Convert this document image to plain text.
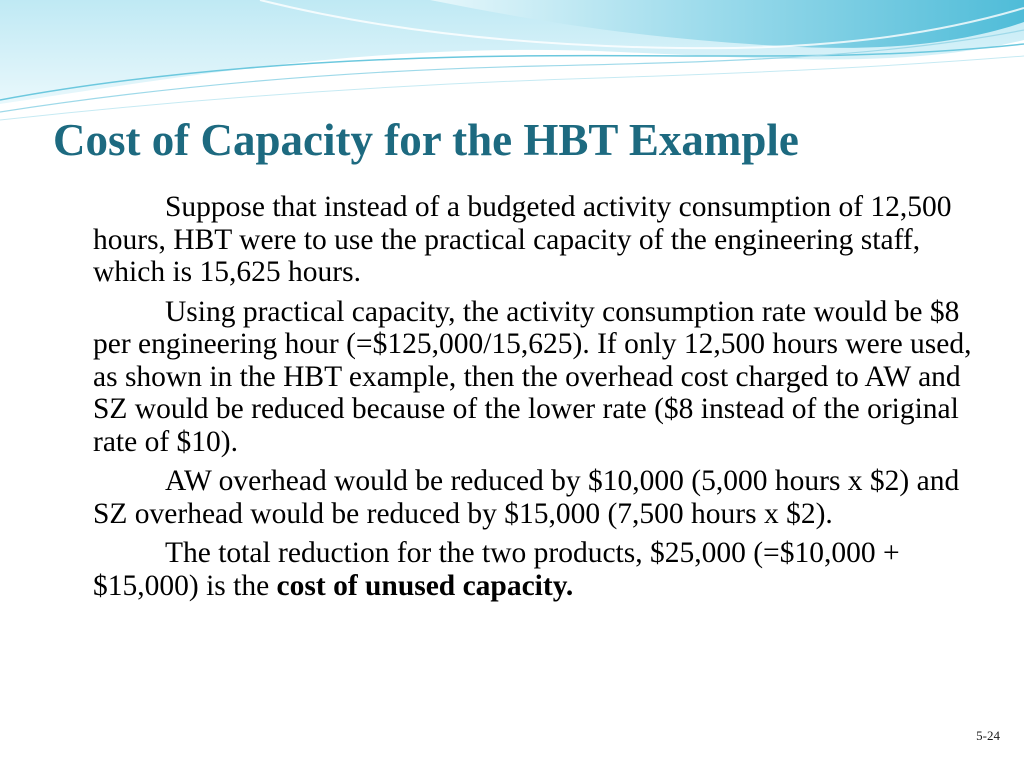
Cost of Capacity for the HBT Example

Suppose that instead of a budgeted activity consumption of 12,500 hours, HBT were to use the practical capacity of the engineering staff, which is 15,625 hours.

Using practical capacity, the activity consumption rate would be $8 per engineering hour (=$125,000/15,625). If only 12,500 hours were used, as shown in the HBT example, then the overhead cost charged to AW and SZ would be reduced because of the lower rate ($8 instead of the original rate of $10).

AW overhead would be reduced by $10,000 (5,000 hours x $2) and SZ overhead would be reduced by $15,000 (7,500 hours x $2).

The total reduction for the two products, $25,000 (=$10,000 + $15,000) is the cost of unused capacity.

5-24
